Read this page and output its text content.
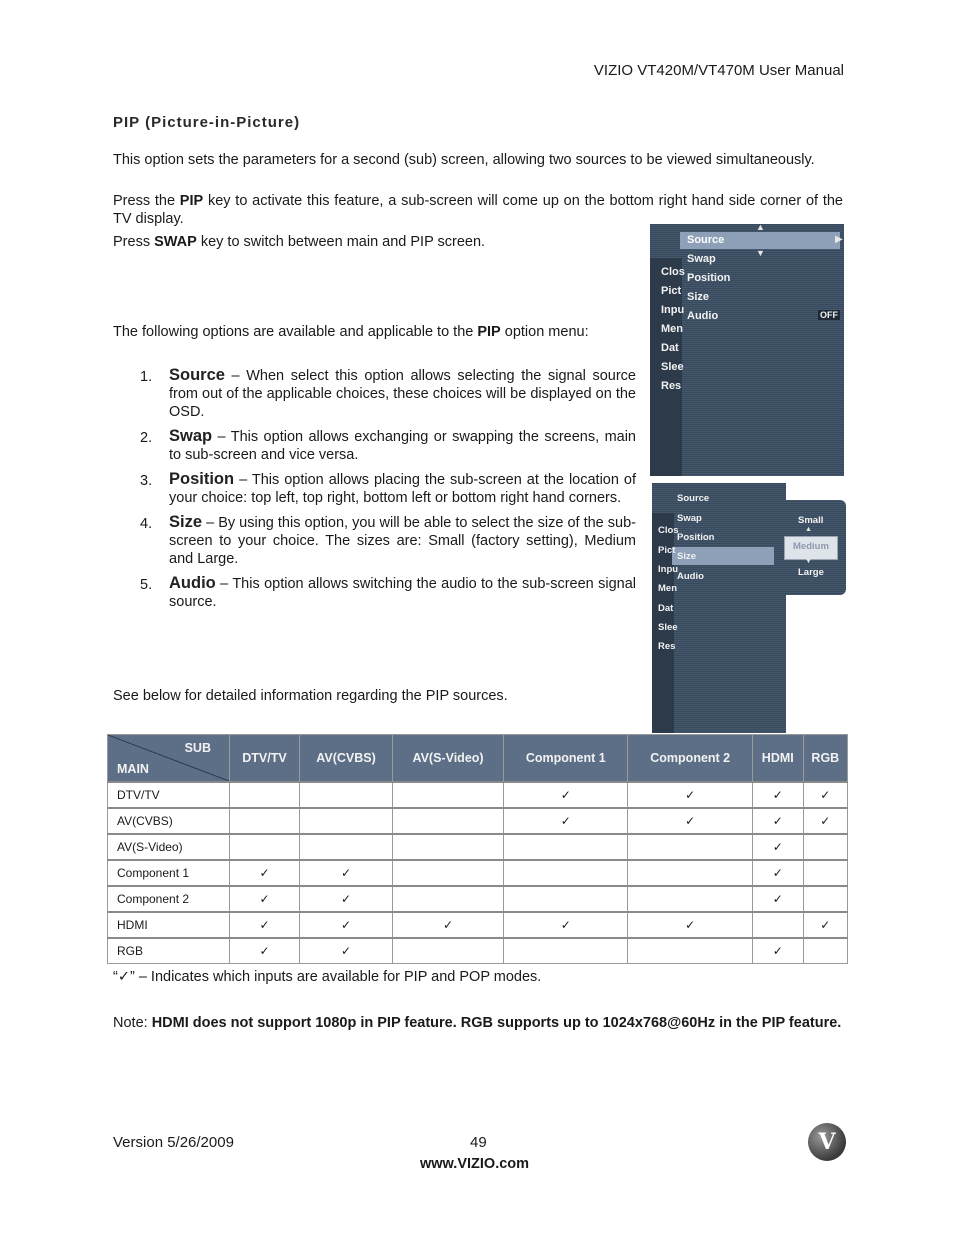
VIZIO VT420M/VT470M User Manual
PIP (Picture-in-Picture)
This option sets the parameters for a second (sub) screen, allowing two sources to be viewed simultaneously.
Press the PIP key to activate this feature, a sub-screen will come up on the bottom right hand side corner of the TV display.
Press SWAP key to switch between main and PIP screen.
The following options are available and applicable to the PIP option menu:
1. Source – When select this option allows selecting the signal source from out of the applicable choices, these choices will be displayed on the OSD.
2. Swap – This option allows exchanging or swapping the screens, main to sub-screen and vice versa.
3. Position – This option allows placing the sub-screen at the location of your choice: top left, top right, bottom left or bottom right hand corners.
4. Size – By using this option, you will be able to select the size of the sub-screen to your choice. The sizes are: Small (factory setting), Medium and Large.
5. Audio – This option allows switching the audio to the sub-screen signal source.
See below for detailed information regarding the PIP sources.
Source
Swap
Position
Size
Audio
Clos
Pict
Inpu
Men
Dat
Slee
Res
OFF
▲
▼
▶
Source
Swap
Position
Size
Audio
Clos
Pict
Inpu
Men
Dat
Slee
Res
Small
Medium
Large
▲
▼
SUB
MAIN	DTV/TV	AV(CVBS)	AV(S-Video)	Component 1	Component 2	HDMI	RGB
DTV/TV				✓	✓	✓	✓
AV(CVBS)				✓	✓	✓	✓
AV(S-Video)						✓	
Component 1	✓	✓				✓	
Component 2	✓	✓				✓	
HDMI	✓	✓	✓	✓	✓		✓
RGB	✓	✓				✓	
“✓” – Indicates which inputs are available for PIP and POP modes.
Note: HDMI does not support 1080p in PIP feature. RGB supports up to 1024x768@60Hz in the PIP feature.
Version 5/26/2009	49
www.VIZIO.com
V
